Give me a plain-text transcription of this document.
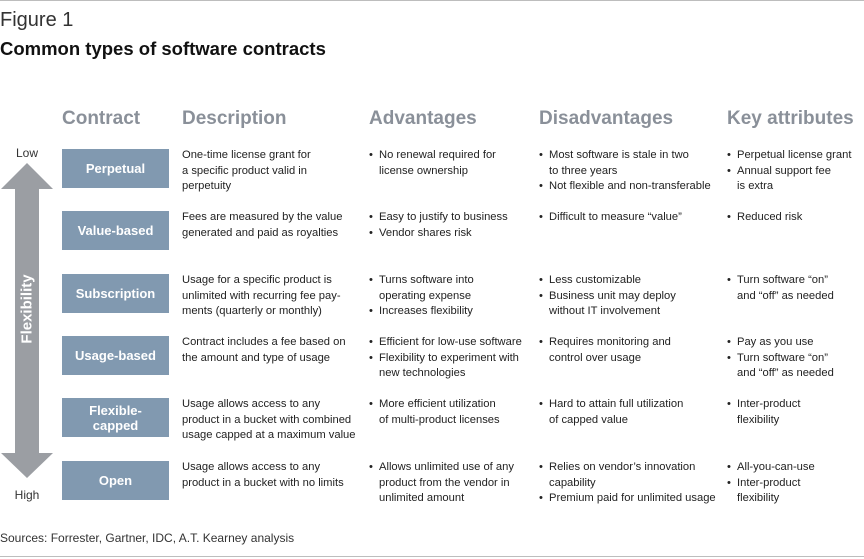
Figure 1
Common types of software contracts
Contract Description	Advantages	Disadvantages	Key attributes
Low
Flexibility
High
Perpetual
One-time license grant for
a specific product valid in
perpetuity
• No renewal required for
license ownership
• Most software is stale in two
to three years
• Not flexible and non-transferable
• Perpetual license grant
• Annual support fee
is extra
Value-based
Fees are measured by the value
generated and paid as royalties
• Easy to justify to business
• Vendor shares risk
• Difficult to measure “value”
•	Reduced risk
Subscription
Usage for a specific product is
unlimited with recurring fee pay-
ments (quarterly or monthly)
• Turns software into
operating expense
• Increases flexibility
• Less customizable
• Business unit may deploy
without IT involvement
• Turn software “on”
and “off” as needed
Usage-based
Contract includes a fee based on
the amount and type of usage
• Efficient for low-use software
• Flexibility to experiment with
new technologies
• Requires monitoring and
control over usage
• Pay as you use
• Turn software “on”
and “off” as needed
Flexible-
capped
Usage allows access to any
product in a bucket with combined
usage capped at a maximum value
• More efficient utilization
of multi-product licenses
• Hard to attain full utilization
of capped value
• Inter-product
flexibility
Open
Usage allows access to any
product in a bucket with no limits
• Allows unlimited use of any
product from the vendor in
unlimited amount
• Relies on vendor’s innovation
capability
• Premium paid for unlimited usage
• All-you-can-use
• Inter-product
flexibility
Sources: Forrester, Gartner, IDC, A.T. Kearney analysis
